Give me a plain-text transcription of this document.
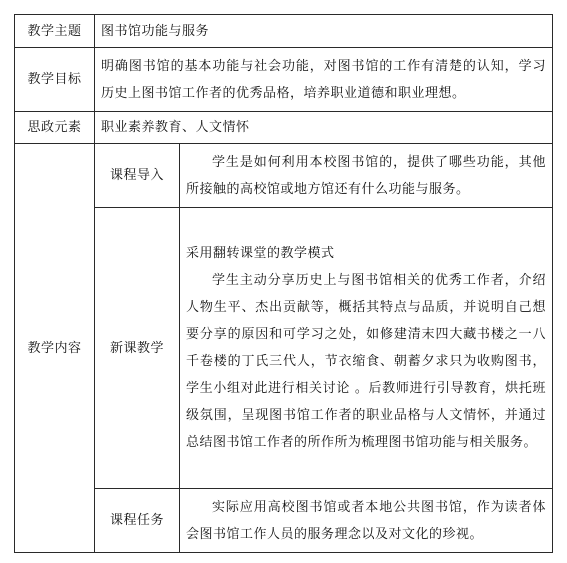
教学主题	图书馆功能与服务	
教学目标	明确图书馆的基本功能与社会功能，对图书馆的工作有清楚的认知，学习历史上图书馆工作者的优秀品格，培养职业道德和职业理想。	
思政元素	职业素养教育、人文情怀	
教学内容	课程导入	学生是如何利用本校图书馆的，提供了哪些功能，其他所接触的高校馆或地方馆还有什么功能与服务。

	新课教学	采用翻转课堂的教学模式
学生主动分享历史上与图书馆相关的优秀工作者，介绍人物生平、杰出贡献等，概括其特点与品质，并说明自己想要分享的原因和可学习之处，如修建清末四大藏书楼之一八千卷楼的丁氏三代人，节衣缩食、朝蓄夕求只为收购图书，学生小组对此进行相关讨论 。后教师进行引导教育，烘托班级氛围，呈现图书馆工作者的职业品格与人文情怀，并通过总结图书馆工作者的所作所为梳理图书馆功能与相关服务。

	课程任务	实际应用高校图书馆或者本地公共图书馆，作为读者体会图书馆工作人员的服务理念以及对文化的珍视。
